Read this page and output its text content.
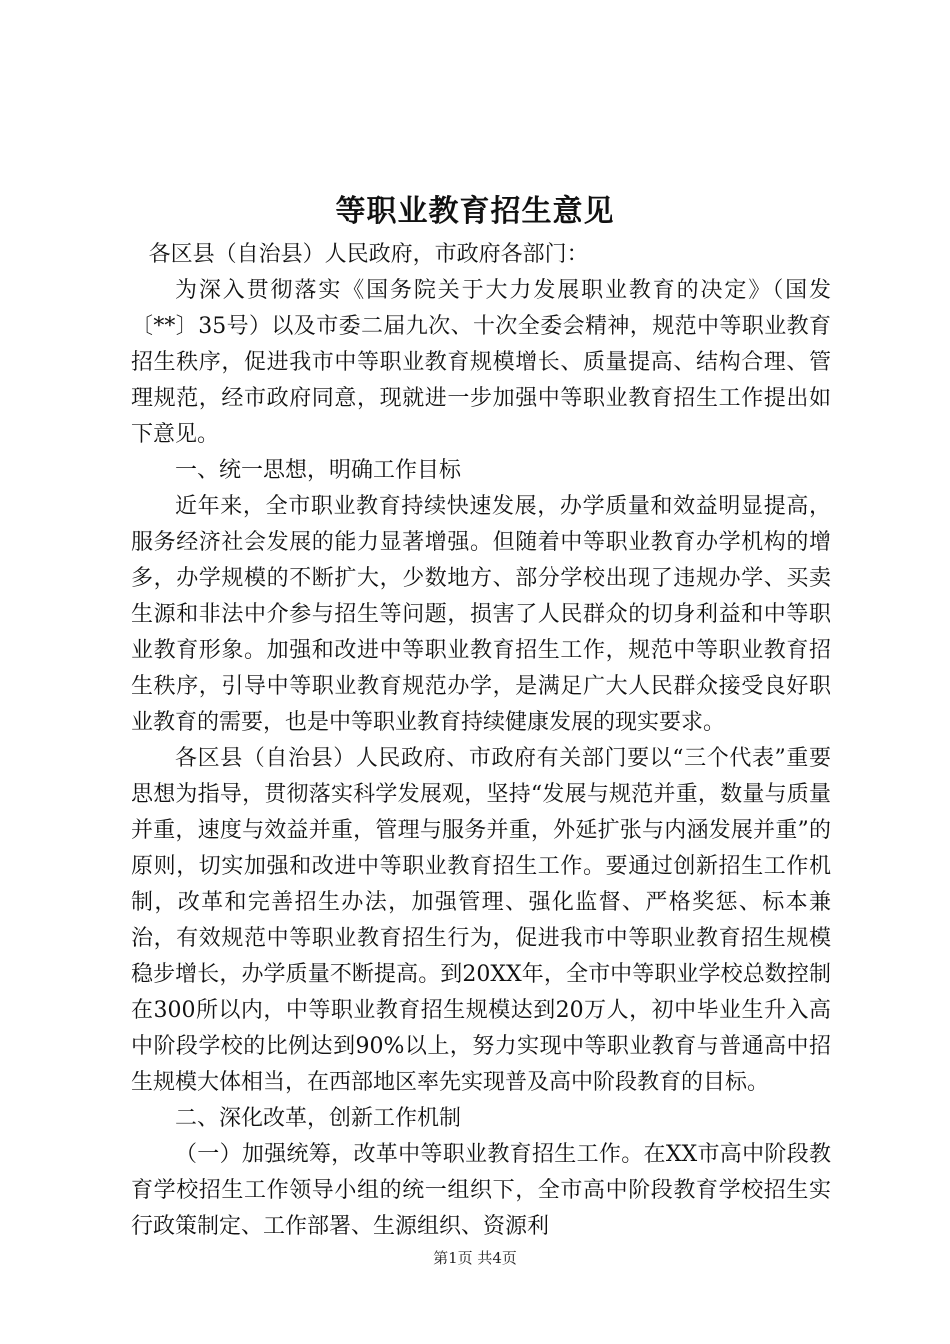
等职业教育招生意见

各区县（自治县）人民政府，市政府各部门：

为深入贯彻落实《国务院关于大力发展职业教育的决定》（国发〔**〕35号）以及市委二届九次、十次全委会精神，规范中等职业教育招生秩序，促进我市中等职业教育规模增长、质量提高、结构合理、管理规范，经市政府同意，现就进一步加强中等职业教育招生工作提出如下意见。

一、统一思想，明确工作目标

近年来，全市职业教育持续快速发展，办学质量和效益明显提高，服务经济社会发展的能力显著增强。但随着中等职业教育办学机构的增多，办学规模的不断扩大，少数地方、部分学校出现了违规办学、买卖生源和非法中介参与招生等问题，损害了人民群众的切身利益和中等职业教育形象。加强和改进中等职业教育招生工作，规范中等职业教育招生秩序，引导中等职业教育规范办学，是满足广大人民群众接受良好职业教育的需要，也是中等职业教育持续健康发展的现实要求。

各区县（自治县）人民政府、市政府有关部门要以“三个代表”重要思想为指导，贯彻落实科学发展观，坚持“发展与规范并重，数量与质量并重，速度与效益并重，管理与服务并重，外延扩张与内涵发展并重”的原则，切实加强和改进中等职业教育招生工作。要通过创新招生工作机制，改革和完善招生办法，加强管理、强化监督、严格奖惩、标本兼治，有效规范中等职业教育招生行为，促进我市中等职业教育招生规模稳步增长，办学质量不断提高。到20XX年，全市中等职业学校总数控制在300所以内，中等职业教育招生规模达到20万人，初中毕业生升入高中阶段学校的比例达到90%以上，努力实现中等职业教育与普通高中招生规模大体相当，在西部地区率先实现普及高中阶段教育的目标。

二、深化改革，创新工作机制

（一）加强统筹，改革中等职业教育招生工作。在XX市高中阶段教育学校招生工作领导小组的统一组织下，全市高中阶段教育学校招生实行政策制定、工作部署、生源组织、资源利

第1页 共4页
